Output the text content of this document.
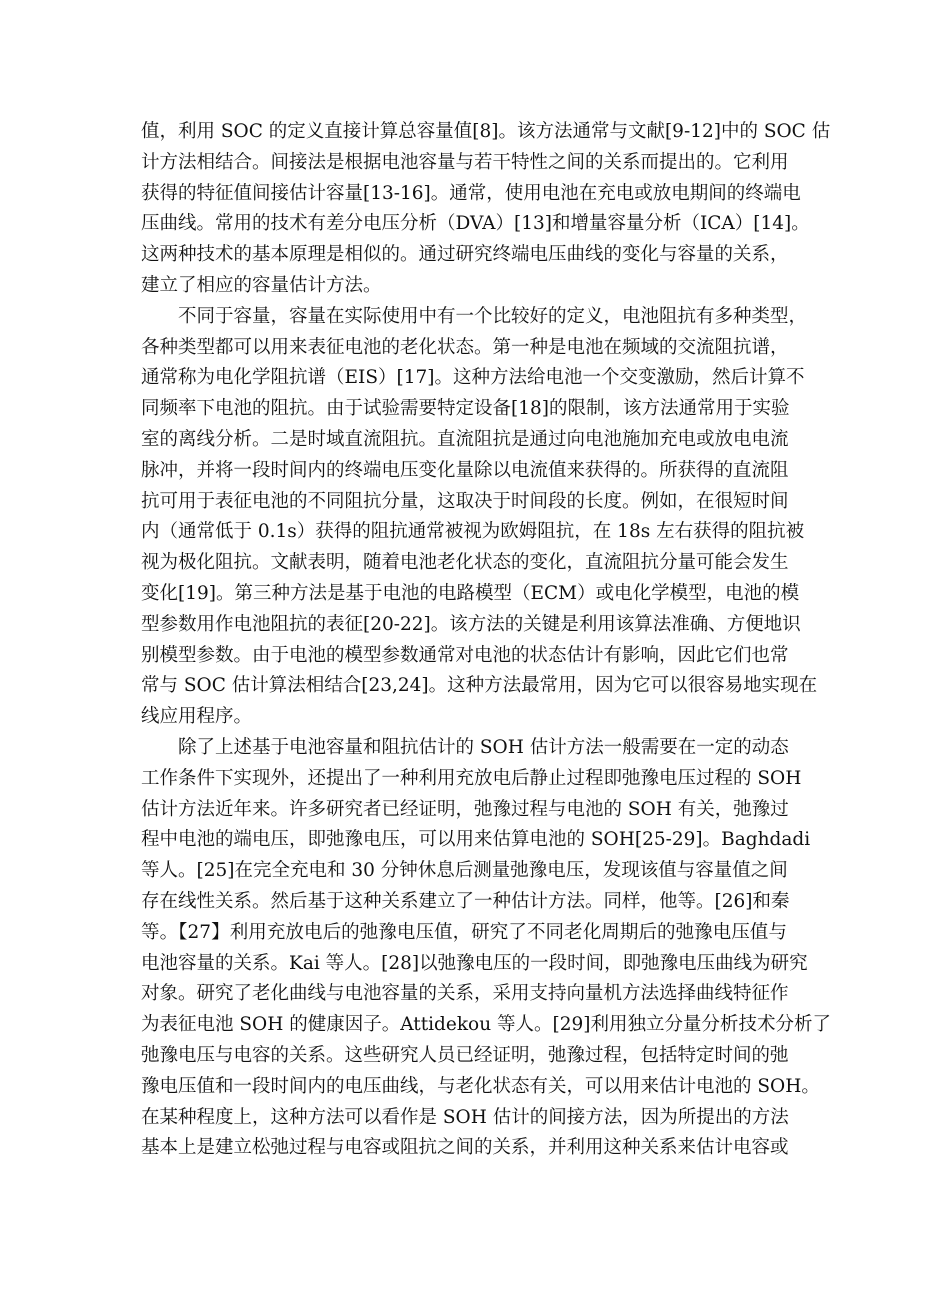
值，利用 SOC 的定义直接计算总容量值[8]。该方法通常与文献[9-12]中的 SOC 估
计方法相结合。间接法是根据电池容量与若干特性之间的关系而提出的。它利用
获得的特征值间接估计容量[13-16]。通常，使用电池在充电或放电期间的终端电
压曲线。常用的技术有差分电压分析（DVA）[13]和增量容量分析（ICA）[14]。
这两种技术的基本原理是相似的。通过研究终端电压曲线的变化与容量的关系，
建立了相应的容量估计方法。
不同于容量，容量在实际使用中有一个比较好的定义，电池阻抗有多种类型，
各种类型都可以用来表征电池的老化状态。第一种是电池在频域的交流阻抗谱，
通常称为电化学阻抗谱（EIS）[17]。这种方法给电池一个交变激励，然后计算不
同频率下电池的阻抗。由于试验需要特定设备[18]的限制，该方法通常用于实验
室的离线分析。二是时域直流阻抗。直流阻抗是通过向电池施加充电或放电电流
脉冲，并将一段时间内的终端电压变化量除以电流值来获得的。所获得的直流阻
抗可用于表征电池的不同阻抗分量，这取决于时间段的长度。例如，在很短时间
内（通常低于 0.1s）获得的阻抗通常被视为欧姆阻抗，在 18s 左右获得的阻抗被
视为极化阻抗。文献表明，随着电池老化状态的变化，直流阻抗分量可能会发生
变化[19]。第三种方法是基于电池的电路模型（ECM）或电化学模型，电池的模
型参数用作电池阻抗的表征[20-22]。该方法的关键是利用该算法准确、方便地识
别模型参数。由于电池的模型参数通常对电池的状态估计有影响，因此它们也常
常与 SOC 估计算法相结合[23,24]。这种方法最常用，因为它可以很容易地实现在
线应用程序。
除了上述基于电池容量和阻抗估计的 SOH 估计方法一般需要在一定的动态
工作条件下实现外，还提出了一种利用充放电后静止过程即弛豫电压过程的 SOH
估计方法近年来。许多研究者已经证明，弛豫过程与电池的 SOH 有关，弛豫过
程中电池的端电压，即弛豫电压，可以用来估算电池的 SOH[25-29]。Baghdadi
等人。[25]在完全充电和 30 分钟休息后测量弛豫电压，发现该值与容量值之间
存在线性关系。然后基于这种关系建立了一种估计方法。同样，他等。[26]和秦
等。【27】利用充放电后的弛豫电压值，研究了不同老化周期后的弛豫电压值与
电池容量的关系。Kai 等人。[28]以弛豫电压的一段时间，即弛豫电压曲线为研究
对象。研究了老化曲线与电池容量的关系，采用支持向量机方法选择曲线特征作
为表征电池 SOH 的健康因子。Attidekou 等人。[29]利用独立分量分析技术分析了
弛豫电压与电容的关系。这些研究人员已经证明，弛豫过程，包括特定时间的弛
豫电压值和一段时间内的电压曲线，与老化状态有关，可以用来估计电池的 SOH。
在某种程度上，这种方法可以看作是 SOH 估计的间接方法，因为所提出的方法
基本上是建立松弛过程与电容或阻抗之间的关系，并利用这种关系来估计电容或
